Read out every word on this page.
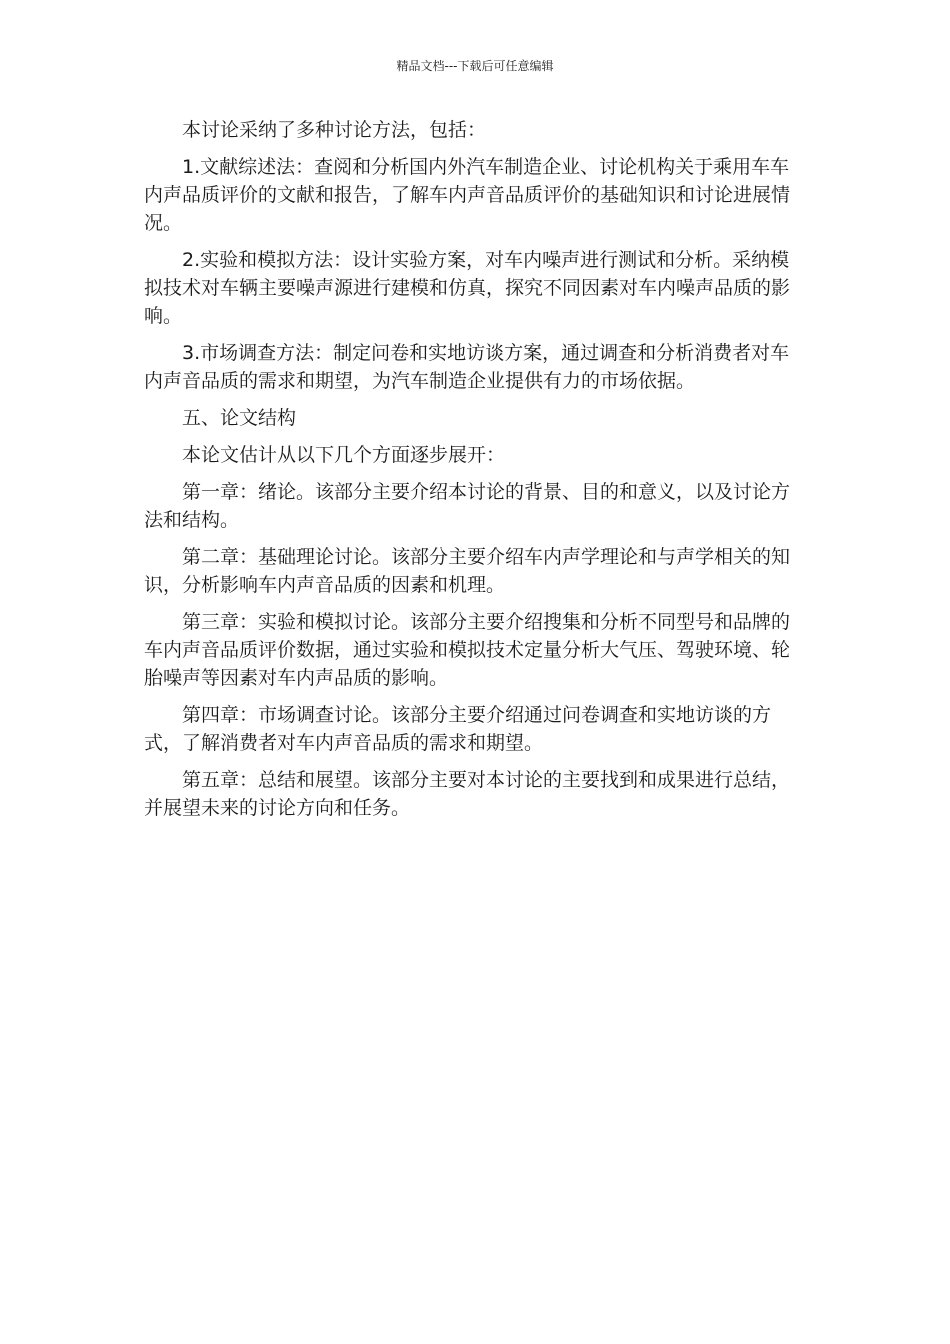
精品文档---下载后可任意编辑

本讨论采纳了多种讨论方法，包括：

1.文献综述法：查阅和分析国内外汽车制造企业、讨论机构关于乘用车车内声品质评价的文献和报告，了解车内声音品质评价的基础知识和讨论进展情况。

2.实验和模拟方法：设计实验方案，对车内噪声进行测试和分析。采纳模拟技术对车辆主要噪声源进行建模和仿真，探究不同因素对车内噪声品质的影响。

3.市场调查方法：制定问卷和实地访谈方案，通过调查和分析消费者对车内声音品质的需求和期望，为汽车制造企业提供有力的市场依据。

五、论文结构

本论文估计从以下几个方面逐步展开：

第一章：绪论。该部分主要介绍本讨论的背景、目的和意义，以及讨论方法和结构。

第二章：基础理论讨论。该部分主要介绍车内声学理论和与声学相关的知识，分析影响车内声音品质的因素和机理。

第三章：实验和模拟讨论。该部分主要介绍搜集和分析不同型号和品牌的车内声音品质评价数据，通过实验和模拟技术定量分析大气压、驾驶环境、轮胎噪声等因素对车内声品质的影响。

第四章：市场调查讨论。该部分主要介绍通过问卷调查和实地访谈的方式，了解消费者对车内声音品质的需求和期望。

第五章：总结和展望。该部分主要对本讨论的主要找到和成果进行总结，并展望未来的讨论方向和任务。
